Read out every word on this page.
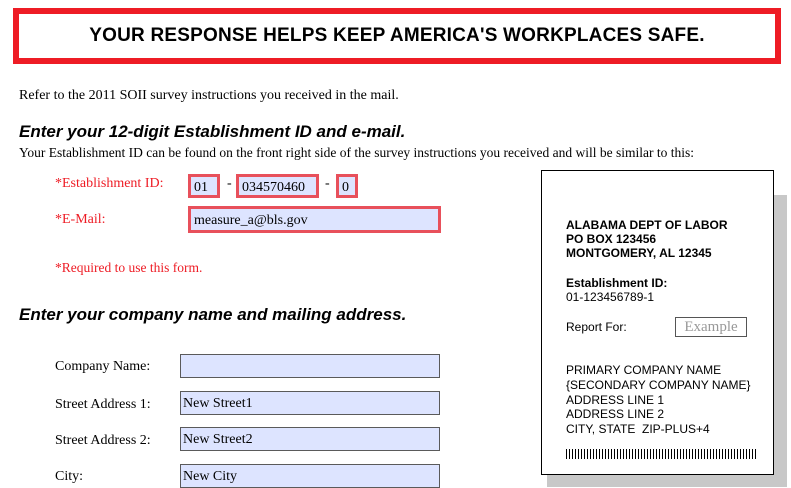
YOUR RESPONSE HELPS KEEP AMERICA'S WORKPLACES SAFE.
Refer to the 2011 SOII survey instructions you received in the mail.
Enter your 12-digit Establishment ID and e-mail.
Your Establishment ID can be found on the front right side of the survey instructions you received and will be similar to this:
*Establishment ID:	01	- 034570460	- 0
*E-Mail:	measure_a@bls.gov
*Required to use this form.
Enter your company name and mailing address.
Company Name:
Street Address 1: New Street1
Street Address 2: New Street2
City:	New City
ALABAMA DEPT OF LABOR
PO BOX 123456
MONTGOMERY, AL 12345
Establishment ID:
01-123456789-1
Report For:	Example
PRIMARY COMPANY NAME
{SECONDARY COMPANY NAME}
ADDRESS LINE 1
ADDRESS LINE 2
CITY, STATE  ZIP-PLUS+4
